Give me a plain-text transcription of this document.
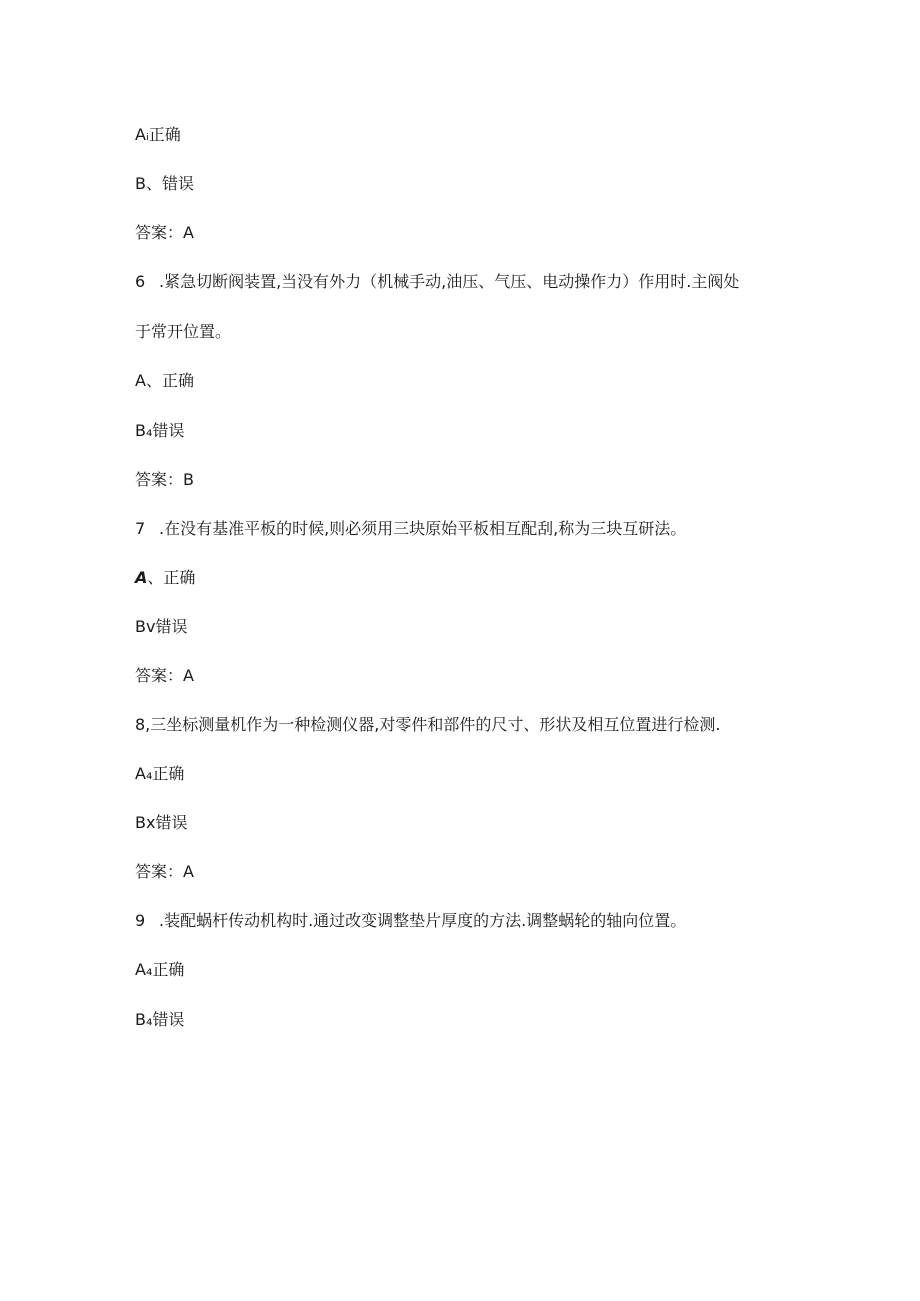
Aᵢ正确
B、错误
答案：A
6 .紧急切断阀装置,当没有外力（机械手动,油压、气压、电动操作力）作用时.主阀处
于常开位置。
A、正确
B₄错误
答案：B
7 .在没有基准平板的时候,则必须用三块原始平板相互配刮,称为三块互研法。
A、正确
Bv错误
答案：A
8,三坐标测量机作为一种检测仪器,对零件和部件的尺寸、形状及相互位置进行检测.
A₄正确
Bx错误
答案：A
9 .装配蜗杆传动机构时.通过改变调整垫片厚度的方法.调整蜗轮的轴向位置。
A₄正确
B₄错误
